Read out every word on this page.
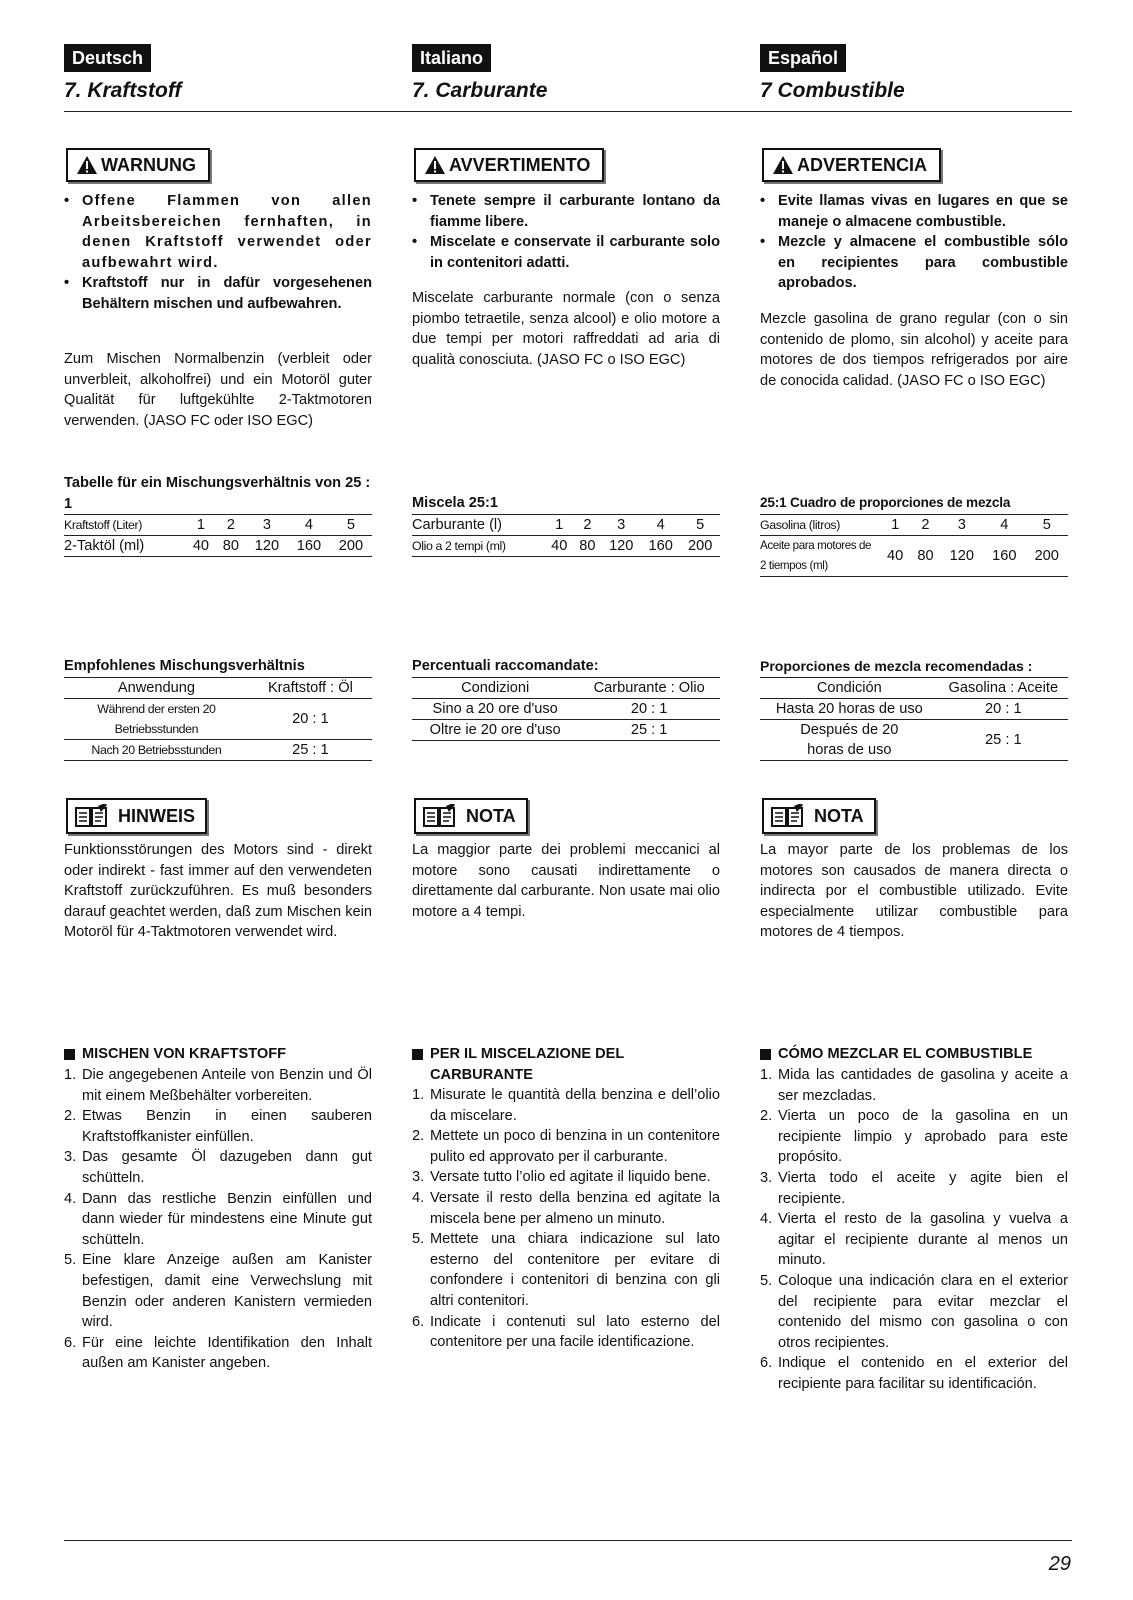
Deutsch
7. Kraftstoff
WARNUNG
• Offene Flammen von allen Arbeitsbereichen fernhaften, in denen Kraftstoff verwendet oder aufbewahrt wird.
• Kraftstoff nur in dafür vorgesehenen Behältern mischen und aufbewahren.

Zum Mischen Normalbenzin (verbleit oder unverbleit, alkoholfrei) und ein Motoröl guter Qualität für luftgekühlte 2-Taktmotoren verwenden. (JASO FC oder ISO EGC)

Tabelle für ein Mischungsverhältnis von 25 : 1
Kraftstoff (Liter)	1	2	3	4	5
2-Taktöl (ml)	40	80	120	160	200
Empfohlenes Mischungsverhältnis
Anwendung	Kraftstoff : Öl
Während der ersten 20 Betriebsstunden	20 : 1
Nach 20 Betriebsstunden	25 : 1
HINWEIS

Funktionsstörungen des Motors sind - direkt oder indirekt - fast immer auf den verwendeten Kraftstoff zurückzuführen. Es muß besonders darauf geachtet werden, daß zum Mischen kein Motoröl für 4-Taktmotoren verwendet wird.

MISCHEN VON KRAFTSTOFF
1. Die angegebenen Anteile von Benzin und Öl mit einem Meßbehälter vorbereiten.
2. Etwas Benzin in einen sauberen Kraftstoffkanister einfüllen.
3. Das gesamte Öl dazugeben dann gut schütteln.
4. Dann das restliche Benzin einfüllen und dann wieder für mindestens eine Minute gut schütteln.
5. Eine klare Anzeige außen am Kanister befestigen, damit eine Verwechslung mit Benzin oder anderen Kanistern vermieden wird.
6. Für eine leichte Identifikation den Inhalt außen am Kanister angeben.
Italiano
7. Carburante
AVVERTIMENTO
• Tenete sempre il carburante lontano da fiamme libere.
• Miscelate e conservate il carburante solo in contenitori adatti.

Miscelate carburante normale (con o senza piombo tetraetile, senza alcool) e olio motore a due tempi per motori raffreddati ad aria di qualità conosciuta. (JASO FC o ISO EGC)

Miscela 25:1
Carburante (l)	1	2	3	4	5
Olio a 2 tempi (ml)	40	80	120	160	200
Percentuali raccomandate:
Condizioni	Carburante : Olio
Sino a 20 ore d'uso	20 : 1
Oltre ie 20 ore d'uso	25 : 1
NOTA

La maggior parte dei problemi meccanici al motore sono causati indirettamente o direttamente dal carburante. Non usate mai olio motore a 4 tempi.

PER IL MISCELAZIONE DEL CARBURANTE
1. Misurate le quantità della benzina e dell’olio da miscelare.
2. Mettete un poco di benzina in un contenitore pulito ed approvato per il carburante.
3. Versate tutto l’olio ed agitate il liquido bene.
4. Versate il resto della benzina ed agitate la miscela bene per almeno un minuto.
5. Mettete una chiara indicazione sul lato esterno del contenitore per evitare di confondere i contenitori di benzina con gli altri contenitori.
6. Indicate i contenuti sul lato esterno del contenitore per una facile identificazione.
Español
7 Combustible
ADVERTENCIA
• Evite llamas vivas en lugares en que se maneje o almacene combustible.
• Mezcle y almacene el combustible sólo en recipientes para combustible aprobados.

Mezcle gasolina de grano regular (con o sin contenido de plomo, sin alcohol) y aceite para motores de dos tiempos refrigerados por aire de conocida calidad. (JASO FC o ISO EGC)

25:1 Cuadro de proporciones de mezcla
Gasolina (litros)	1	2	3	4	5
Aceite para motores de 2 tiempos (ml)	40	80	120	160	200
Proporciones de mezcla recomendadas :
Condición	Gasolina : Aceite
Hasta 20 horas de uso	20 : 1
Después de 20 horas de uso	25 : 1
NOTA

La mayor parte de los problemas de los motores son causados de manera directa o indirecta por el combustible utilizado. Evite especialmente utilizar combustible para motores de 4 tiempos.

CÓMO MEZCLAR EL COMBUSTIBLE
1. Mida las cantidades de gasolina y aceite a ser mezcladas.
2. Vierta un poco de la gasolina en un recipiente limpio y aprobado para este propósito.
3. Vierta todo el aceite y agite bien el recipiente.
4. Vierta el resto de la gasolina y vuelva a agitar el recipiente durante al menos un minuto.
5. Coloque una indicación clara en el exterior del recipiente para evitar mezclar el contenido del mismo con gasolina o con otros recipientes.
6. Indique el contenido en el exterior del recipiente para facilitar su identificación.
29
